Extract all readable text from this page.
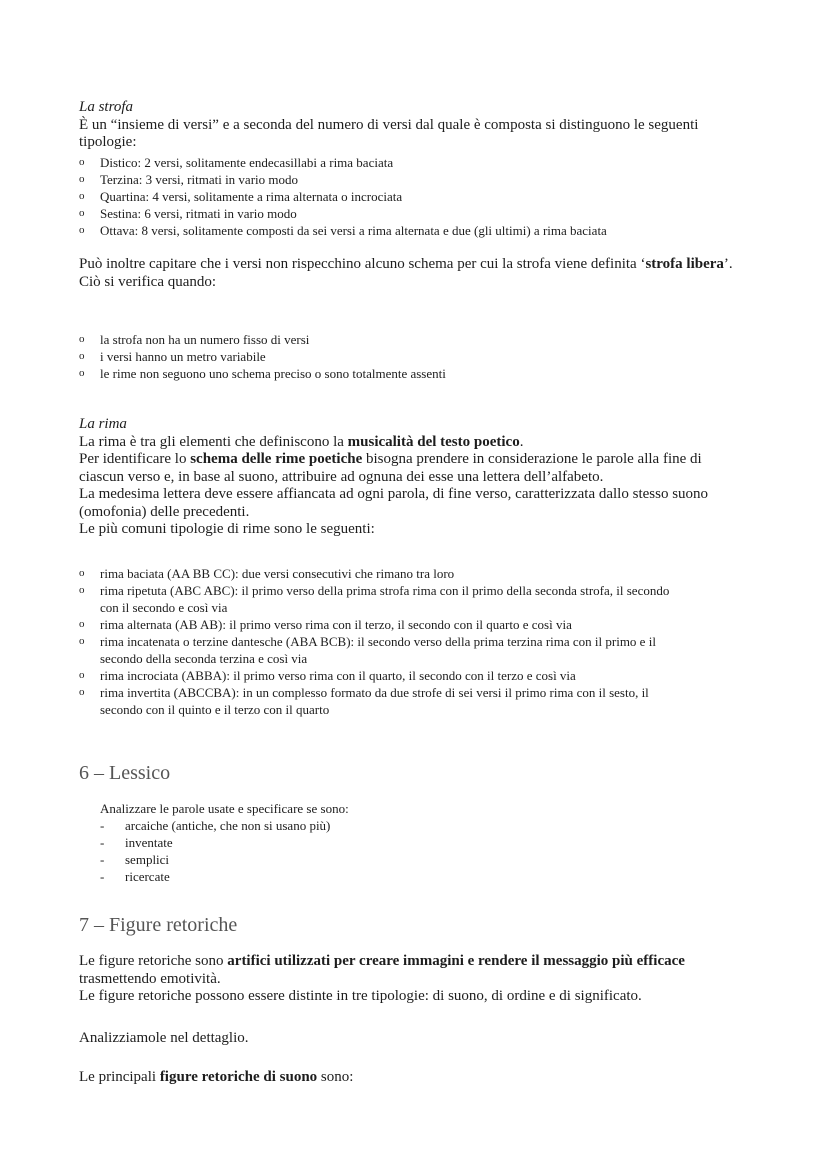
La strofa
È un “insieme di versi” e a seconda del numero di versi dal quale è composta si distinguono le seguenti tipologie:
o Distico: 2 versi, solitamente endecasillabi a rima baciata
o Terzina: 3 versi, ritmati in vario modo
o Quartina: 4 versi, solitamente a rima alternata o incrociata
o Sestina: 6 versi, ritmati in vario modo
o Ottava: 8 versi, solitamente composti da sei versi a rima alternata e due (gli ultimi) a rima baciata
Può inoltre capitare che i versi non rispecchino alcuno schema per cui la strofa viene definita ‘strofa libera’.
Ciò si verifica quando:
o la strofa non ha un numero fisso di versi
o i versi hanno un metro variabile
o le rime non seguono uno schema preciso o sono totalmente assenti
La rima
La rima è tra gli elementi che definiscono la musicalità del testo poetico.
Per identificare lo schema delle rime poetiche bisogna prendere in considerazione le parole alla fine di ciascun verso e, in base al suono, attribuire ad ognuna dei esse una lettera dell’alfabeto.
La medesima lettera deve essere affiancata ad ogni parola, di fine verso, caratterizzata dallo stesso suono (omofonia) delle precedenti.
Le più comuni tipologie di rime sono le seguenti:
o rima baciata (AA BB CC): due versi consecutivi che rimano tra loro
o rima ripetuta (ABC ABC): il primo verso della prima strofa rima con il primo della seconda strofa, il secondo con il secondo e così via
o rima alternata (AB AB): il primo verso rima con il terzo, il secondo con il quarto e così via
o rima incatenata o terzine dantesche (ABA BCB): il secondo verso della prima terzina rima con il primo e il secondo della seconda terzina e così via
o rima incrociata (ABBA): il primo verso rima con il quarto, il secondo con il terzo e così via
o rima invertita (ABCCBA): in un complesso formato da due strofe di sei versi il primo rima con il sesto, il secondo con il quinto e il terzo con il quarto
6 – Lessico
Analizzare le parole usate e specificare se sono:
- arcaiche (antiche, che non si usano più)
- inventate
- semplici
- ricercate
7 – Figure retoriche
Le figure retoriche sono artifici utilizzati per creare immagini e rendere il messaggio più efficace trasmettendo emotività.
Le figure retoriche possono essere distinte in tre tipologie: di suono, di ordine e di significato.
Analizziamole nel dettaglio.
Le principali figure retoriche di suono sono:
